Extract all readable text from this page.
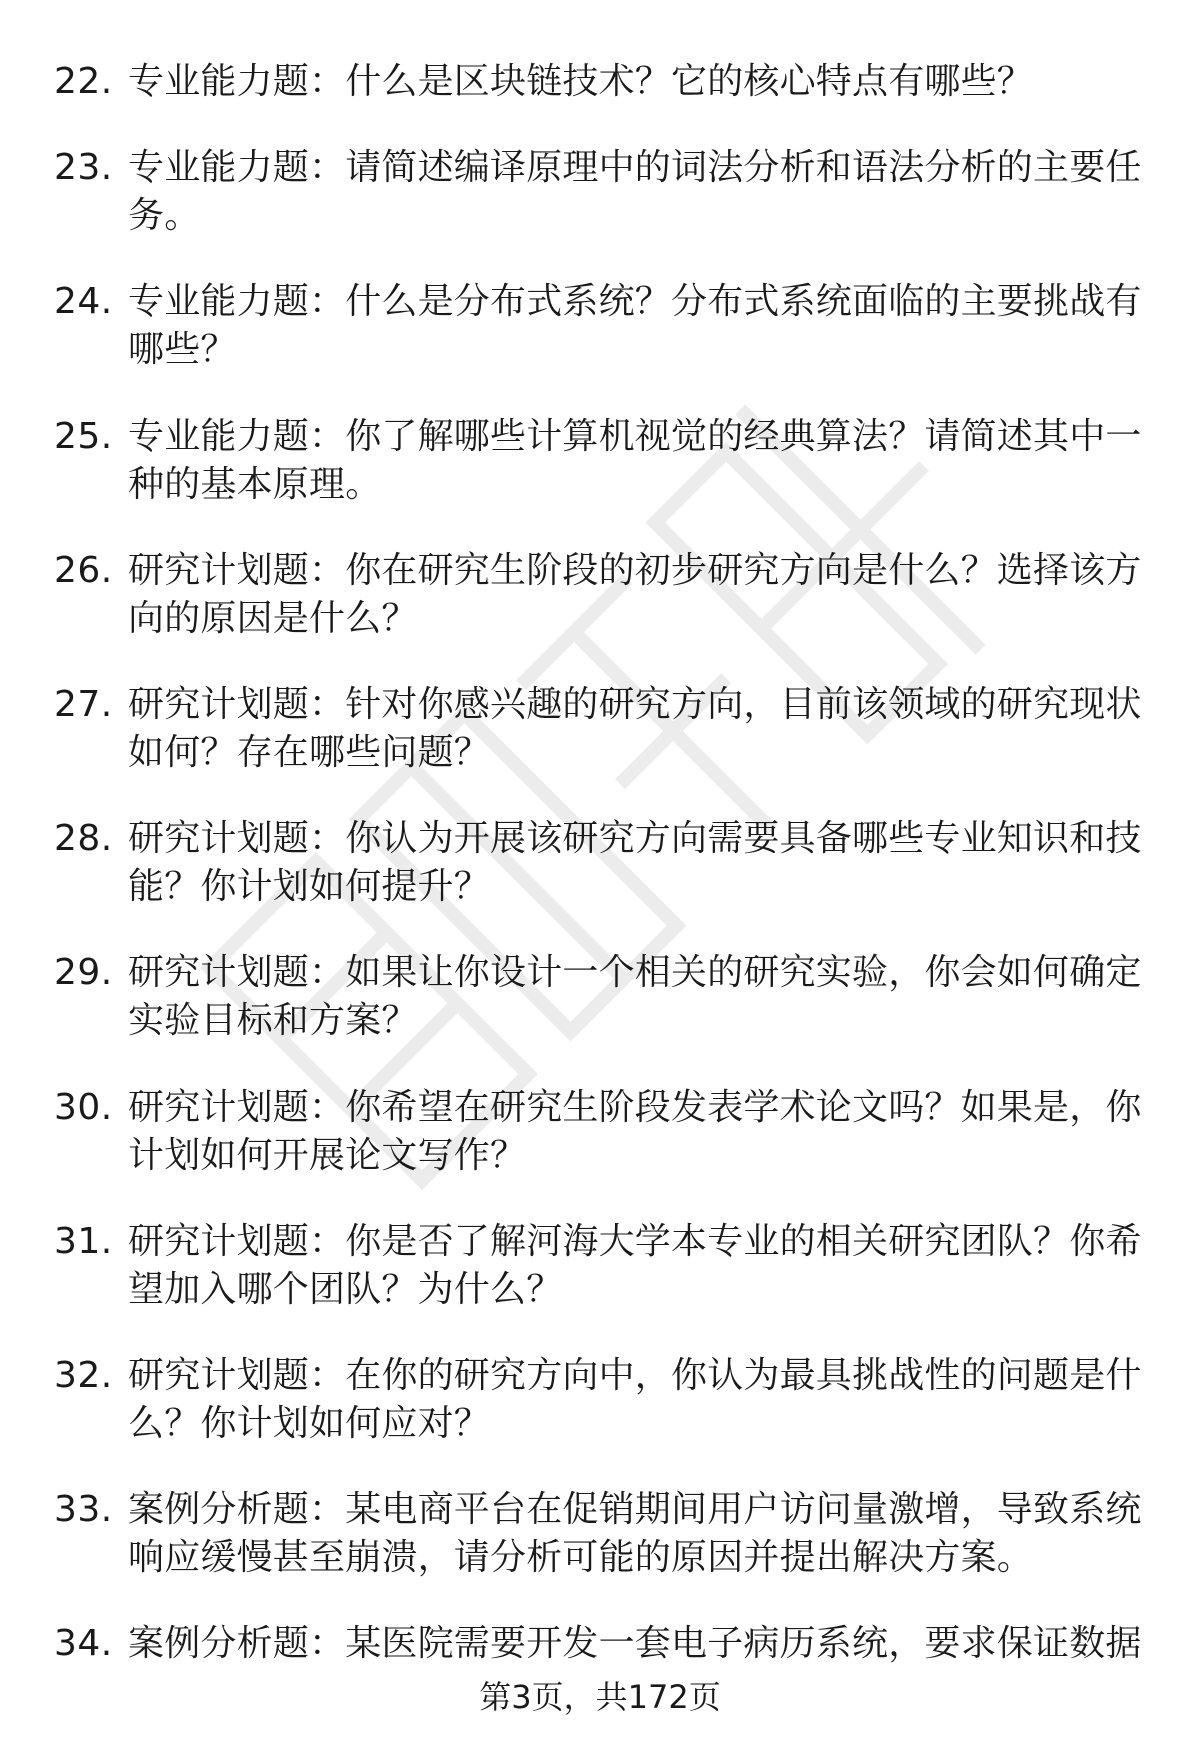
22. 专业能力题：什么是区块链技术？它的核心特点有哪些？
23. 专业能力题：请简述编译原理中的词法分析和语法分析的主要任务。
24. 专业能力题：什么是分布式系统？分布式系统面临的主要挑战有哪些？
25. 专业能力题：你了解哪些计算机视觉的经典算法？请简述其中一种的基本原理。
26. 研究计划题：你在研究生阶段的初步研究方向是什么？选择该方向的原因是什么？
27. 研究计划题：针对你感兴趣的研究方向，目前该领域的研究现状如何？存在哪些问题？
28. 研究计划题：你认为开展该研究方向需要具备哪些专业知识和技能？你计划如何提升？
29. 研究计划题：如果让你设计一个相关的研究实验，你会如何确定实验目标和方案？
30. 研究计划题：你希望在研究生阶段发表学术论文吗？如果是，你计划如何开展论文写作？
31. 研究计划题：你是否了解河海大学本专业的相关研究团队？你希望加入哪个团队？为什么？
32. 研究计划题：在你的研究方向中，你认为最具挑战性的问题是什么？你计划如何应对？
33. 案例分析题：某电商平台在促销期间用户访问量激增，导致系统响应缓慢甚至崩溃，请分析可能的原因并提出解决方案。
34. 案例分析题：某医院需要开发一套电子病历系统，要求保证数据
第3页，共172页
